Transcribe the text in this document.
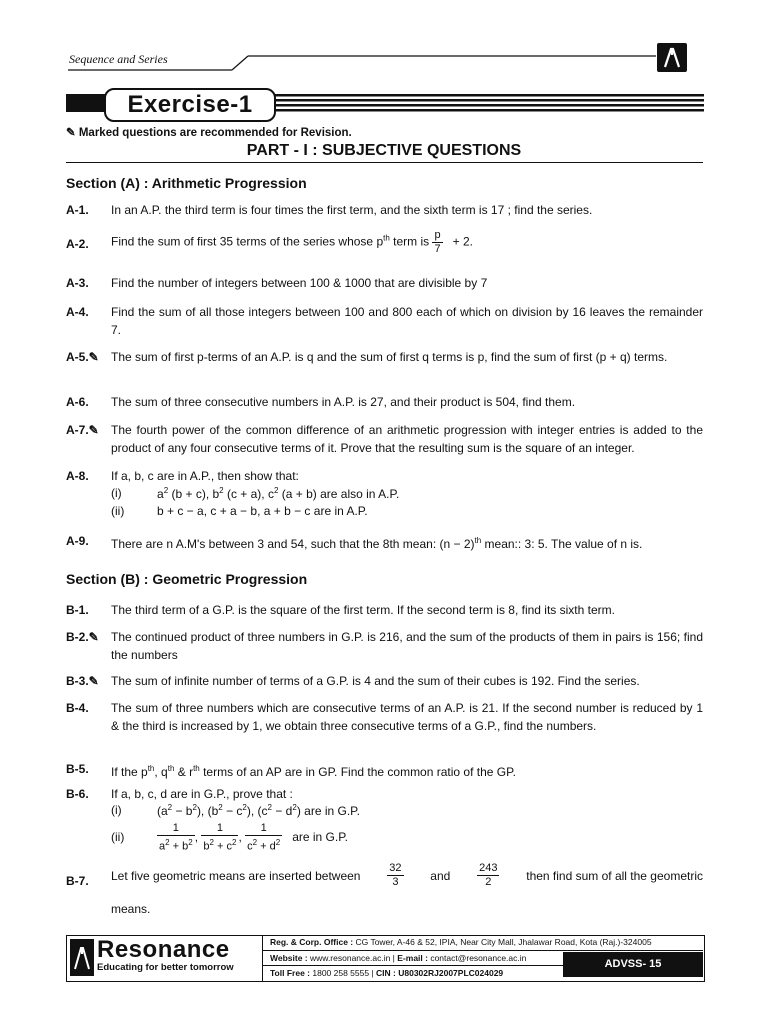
Sequence and Series
Exercise-1
✎ Marked questions are recommended for Revision.
PART - I : SUBJECTIVE QUESTIONS
Section (A) : Arithmetic Progression
A-1. In an A.P. the third term is four times the first term, and the sixth term is 17 ; find the series.
A-2. Find the sum of first 35 terms of the series whose $p^{th}$ term is $\frac{p}{7} + 2$.
A-3. Find the number of integers between 100 & 1000 that are divisible by 7
A-4. Find the sum of all those integers between 100 and 800 each of which on division by 16 leaves the remainder 7.
A-5.✎ The sum of first p-terms of an A.P. is q and the sum of first q terms is p, find the sum of first (p + q) terms.
A-6. The sum of three consecutive numbers in A.P. is 27, and their product is 504, find them.
A-7.✎ The fourth power of the common difference of an arithmetic progression with integer entries is added to the product of any four consecutive terms of it. Prove that the resulting sum is the square of an integer.
A-8. If a, b, c are in A.P., then show that:
(i)	$a^2$ (b + c), $b^2$ (c + a), $c^2$ (a + b) are also in A.P.
(ii)	b + c − a, c + a − b, a + b − c are in A.P.
A-9. There are n A.M's between 3 and 54, such that the 8th mean: $(n - 2)^{th}$ mean:: 3: 5. The value of n is.
Section (B) : Geometric Progression
B-1. The third term of a G.P. is the square of the first term. If the second term is 8, find its sixth term.
B-2.✎ The continued product of three numbers in G.P. is 216, and the sum of the products of them in pairs is 156; find the numbers
B-3.✎ The sum of infinite number of terms of a G.P. is 4 and the sum of their cubes is 192. Find the series.
B-4. The sum of three numbers which are consecutive terms of an A.P. is 21. If the second number is reduced by 1 & the third is increased by 1, we obtain three consecutive terms of a G.P., find the numbers.
B-5. If the $p^{th}$, $q^{th}$ & $r^{th}$ terms of an AP are in GP. Find the common ratio of the GP.
B-6. If a, b, c, d are in G.P., prove that :
(i)	$(a^2 - b^2)$, $(b^2 - c^2)$, $(c^2 - d^2)$ are in G.P.
(ii)	$\frac{1}{a^2 + b^2}$ , $\frac{1}{b^2 + c^2}$ , $\frac{1}{c^2 + d^2}$ are in G.P.
B-7. Let five geometric means are inserted between $\frac{32}{3}$ and $\frac{243}{2}$ then find sum of all the geometric
means.
Resonance
Educating for better tomorrow
Reg. & Corp. Office : CG Tower, A-46 & 52, IPIA, Near City Mall, Jhalawar Road, Kota (Raj.)-324005
Website : www.resonance.ac.in | E-mail : contact@resonance.ac.in
Toll Free : 1800 258 5555 | CIN : U80302RJ2007PLC024029
ADVSS- 15
